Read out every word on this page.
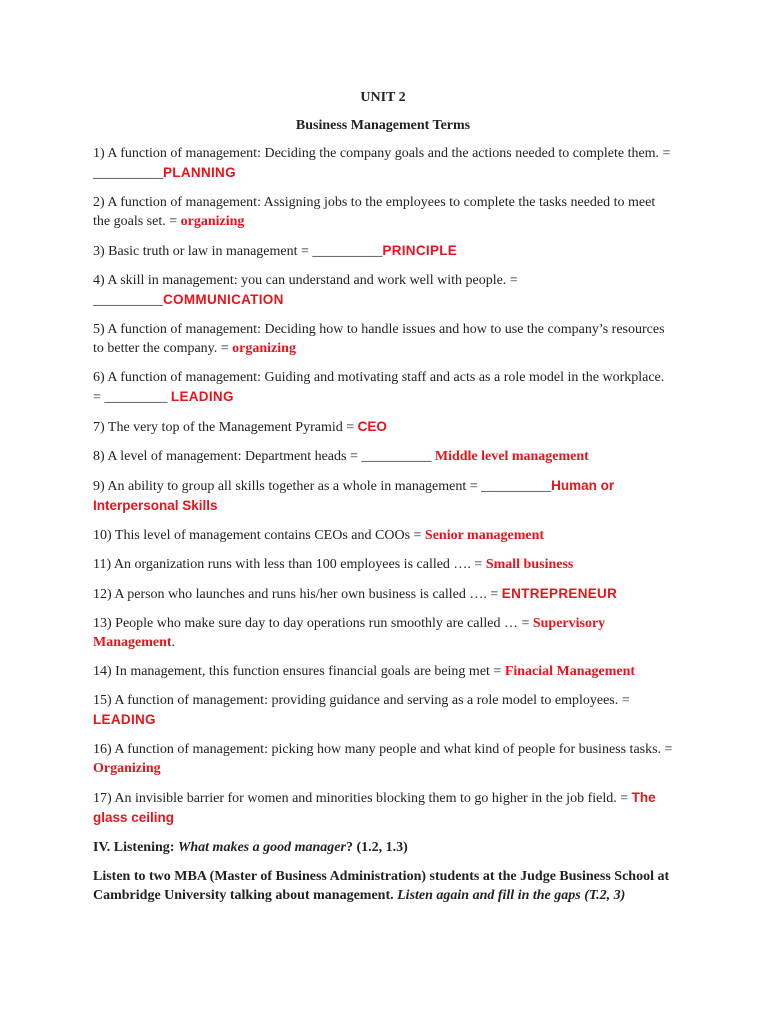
UNIT 2

Business Management Terms

1) A function of management: Deciding the company goals and the actions needed to complete them. = __________PLANNING

2) A function of management: Assigning jobs to the employees to complete the tasks needed to meet the goals set. = organizing

3) Basic truth or law in management = __________PRINCIPLE

4) A skill in management: you can understand and work well with people. = __________COMMUNICATION

5) A function of management: Deciding how to handle issues and how to use the company’s resources to better the company. = organizing

6) A function of management: Guiding and motivating staff and acts as a role model in the workplace. = _________ LEADING

7) The very top of the Management Pyramid = CEO

8) A level of management: Department heads = __________ Middle level management

9) An ability to group all skills together as a whole in management = __________Human or Interpersonal Skills

10) This level of management contains CEOs and COOs = Senior management

11) An organization runs with less than 100 employees is called …. = Small business

12) A person who launches and runs his/her own business is called …. = ENTREPRENEUR

13) People who make sure day to day operations run smoothly are called … = Supervisory Management.

14) In management, this function ensures financial goals are being met = Finacial Management

15) A function of management: providing guidance and serving as a role model to employees. = LEADING

16) A function of management: picking how many people and what kind of people for business tasks. = Organizing

17) An invisible barrier for women and minorities blocking them to go higher in the job field. = The glass ceiling

IV. Listening: What makes a good manager? (1.2, 1.3)

Listen to two MBA (Master of Business Administration) students at the Judge Business School at Cambridge University talking about management. Listen again and fill in the gaps (T.2, 3)
